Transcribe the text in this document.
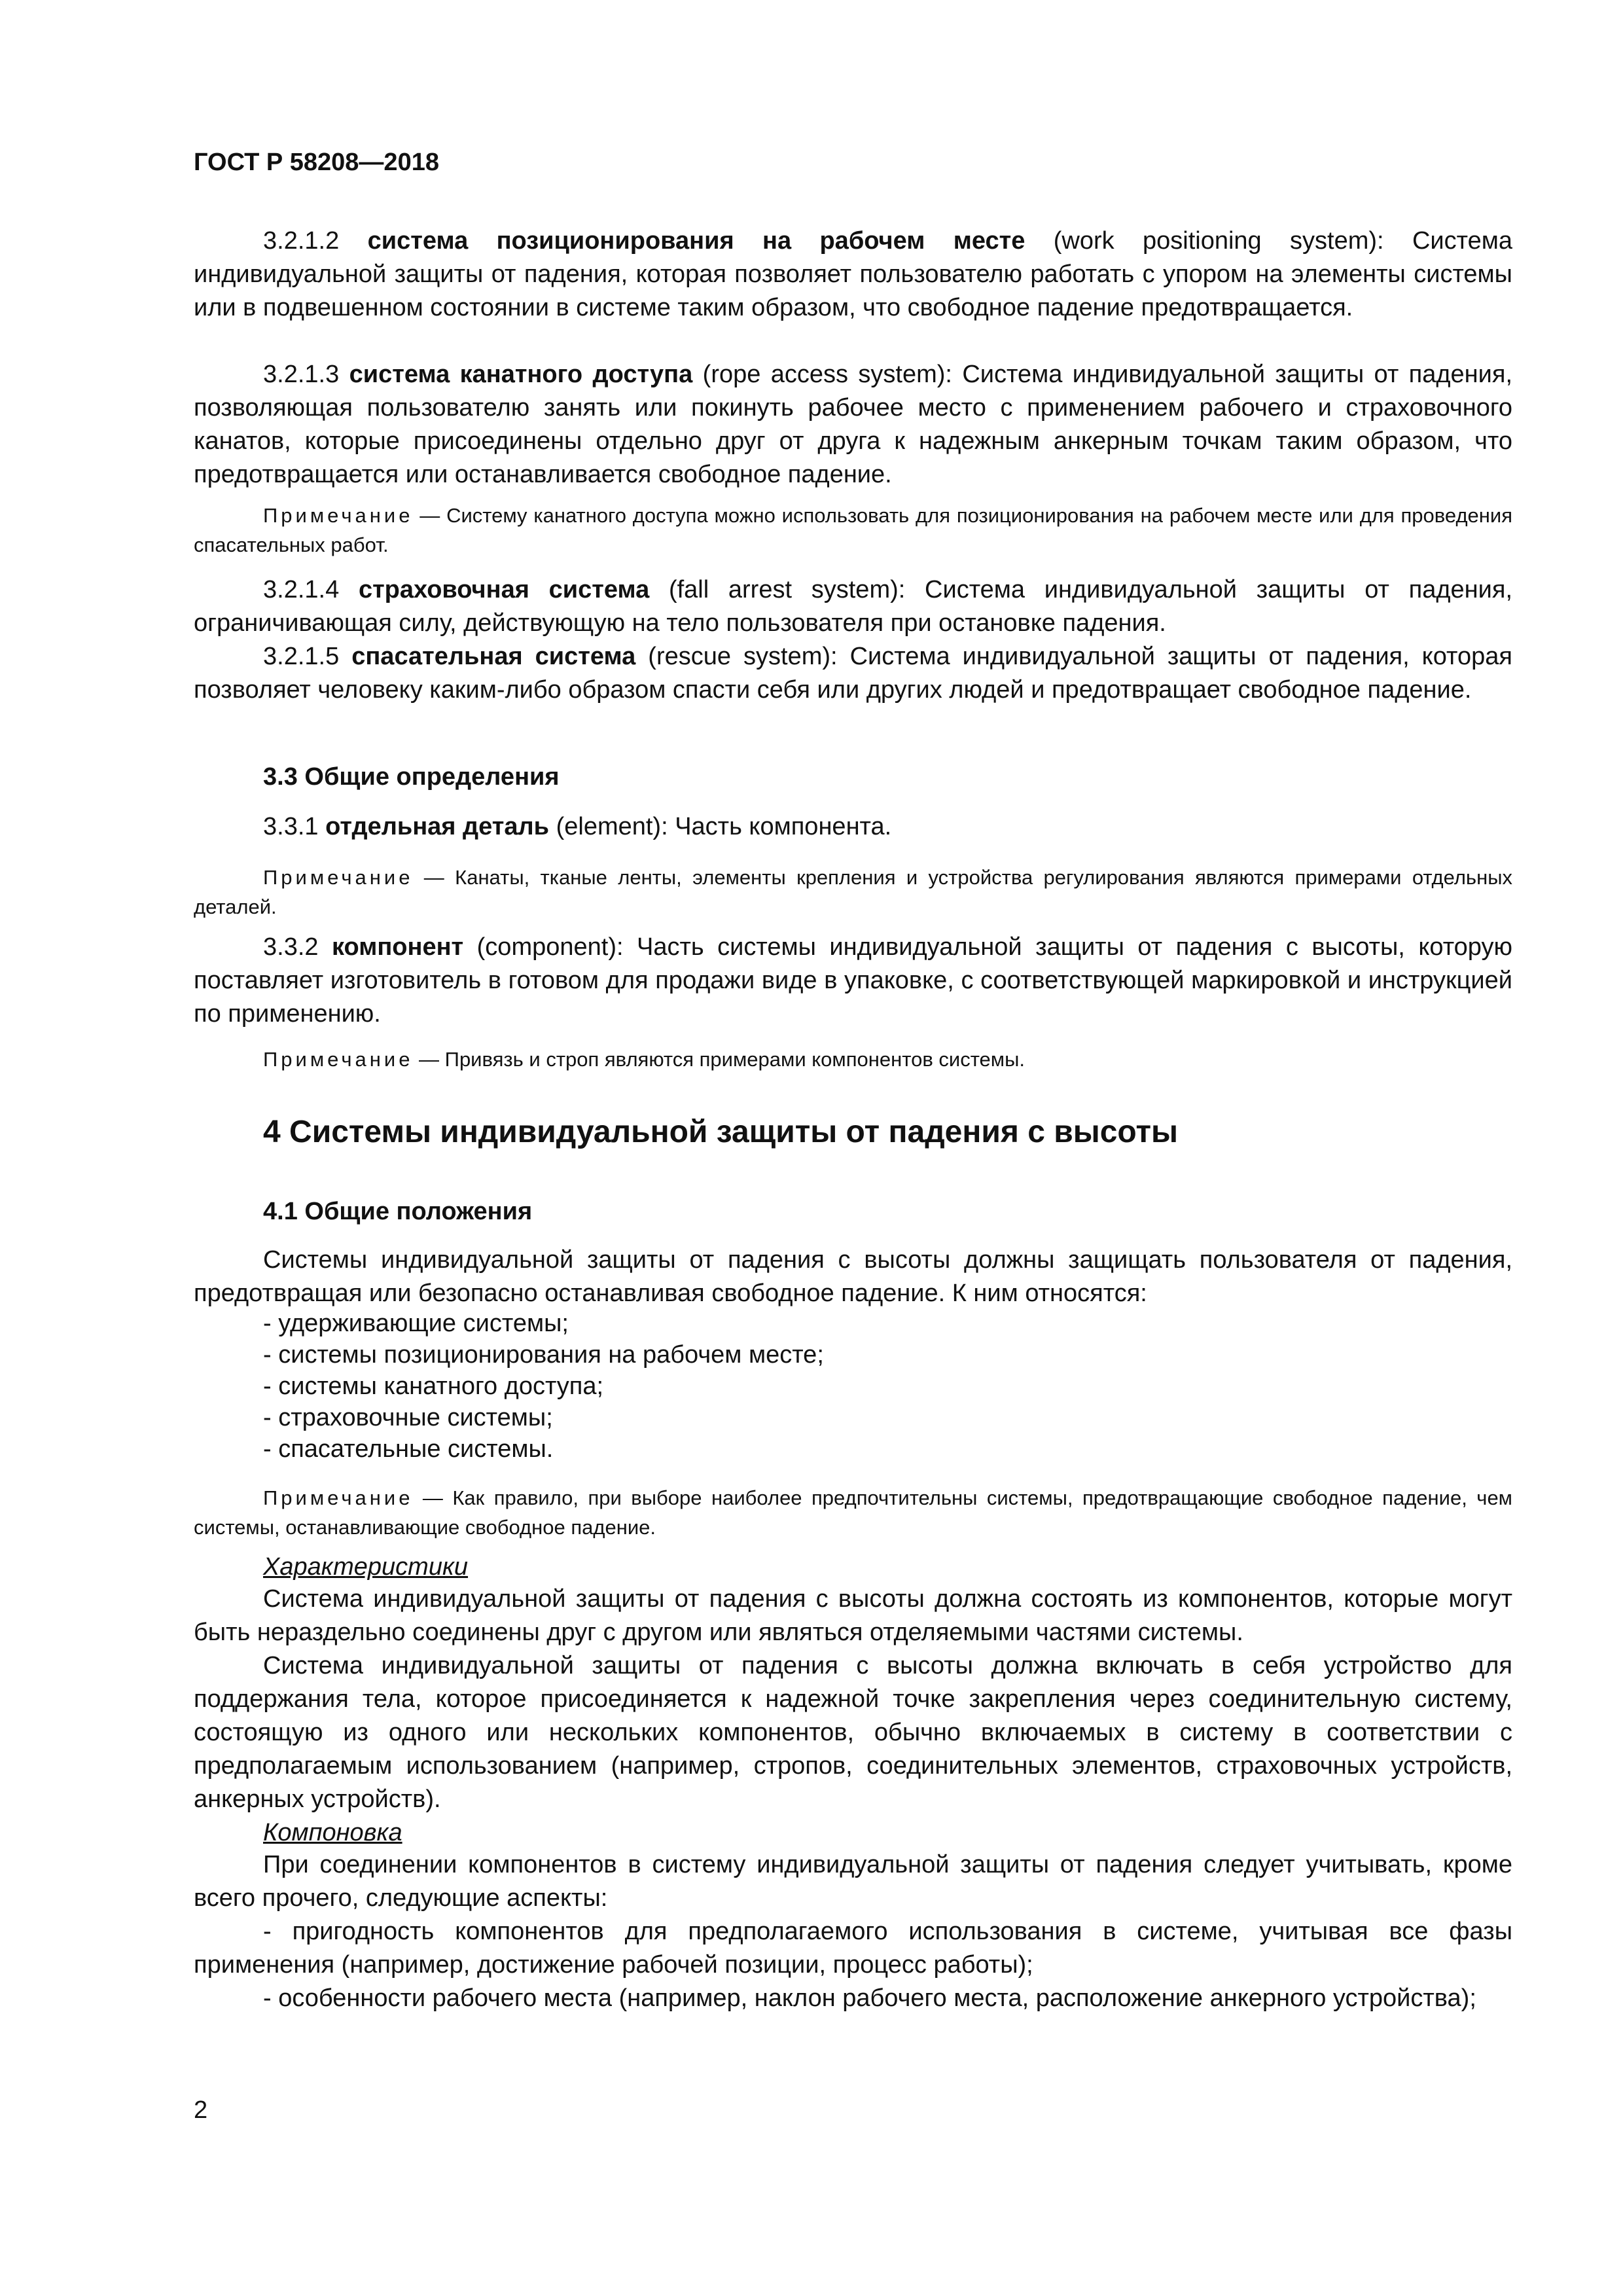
ГОСТ Р 58208—2018

3.2.1.2 система позиционирования на рабочем месте (work positioning system): Система индивидуальной защиты от падения, которая позволяет пользователю работать с упором на элементы системы или в подвешенном состоянии в системе таким образом, что свободное падение предотвращается.

3.2.1.3 система канатного доступа (rope access system): Система индивидуальной защиты от падения, позволяющая пользователю занять или покинуть рабочее место с применением рабочего и страховочного канатов, которые присоединены отдельно друг от друга к надежным анкерным точкам таким образом, что предотвращается или останавливается свободное падение.

Примечание — Систему канатного доступа можно использовать для позиционирования на рабочем месте или для проведения спасательных работ.

3.2.1.4 страховочная система (fall arrest system): Система индивидуальной защиты от падения, ограничивающая силу, действующую на тело пользователя при остановке падения.

3.2.1.5 спасательная система (rescue system): Система индивидуальной защиты от падения, которая позволяет человеку каким-либо образом спасти себя или других людей и предотвращает свободное падение.

3.3 Общие определения

3.3.1 отдельная деталь (element): Часть компонента.

Примечание — Канаты, тканые ленты, элементы крепления и устройства регулирования являются примерами отдельных деталей.

3.3.2 компонент (component): Часть системы индивидуальной защиты от падения с высоты, которую поставляет изготовитель в готовом для продажи виде в упаковке, с соответствующей маркировкой и инструкцией по применению.

Примечание — Привязь и строп являются примерами компонентов системы.

4 Системы индивидуальной защиты от падения с высоты

4.1 Общие положения

Системы индивидуальной защиты от падения с высоты должны защищать пользователя от падения, предотвращая или безопасно останавливая свободное падение. К ним относятся:

- удерживающие системы;

- системы позиционирования на рабочем месте;

- системы канатного доступа;

- страховочные системы;

- спасательные системы.

Примечание — Как правило, при выборе наиболее предпочтительны системы, предотвращающие свободное падение, чем системы, останавливающие свободное падение.

Характеристики

Система индивидуальной защиты от падения с высоты должна состоять из компонентов, которые могут быть нераздельно соединены друг с другом или являться отделяемыми частями системы.

Система индивидуальной защиты от падения с высоты должна включать в себя устройство для поддержания тела, которое присоединяется к надежной точке закрепления через соединительную систему, состоящую из одного или нескольких компонентов, обычно включаемых в систему в соответствии с предполагаемым использованием (например, стропов, соединительных элементов, страховочных устройств, анкерных устройств).

Компоновка

При соединении компонентов в систему индивидуальной защиты от падения следует учитывать, кроме всего прочего, следующие аспекты:

- пригодность компонентов для предполагаемого использования в системе, учитывая все фазы применения (например, достижение рабочей позиции, процесс работы);

- особенности рабочего места (например, наклон рабочего места, расположение анкерного устройства);

2
